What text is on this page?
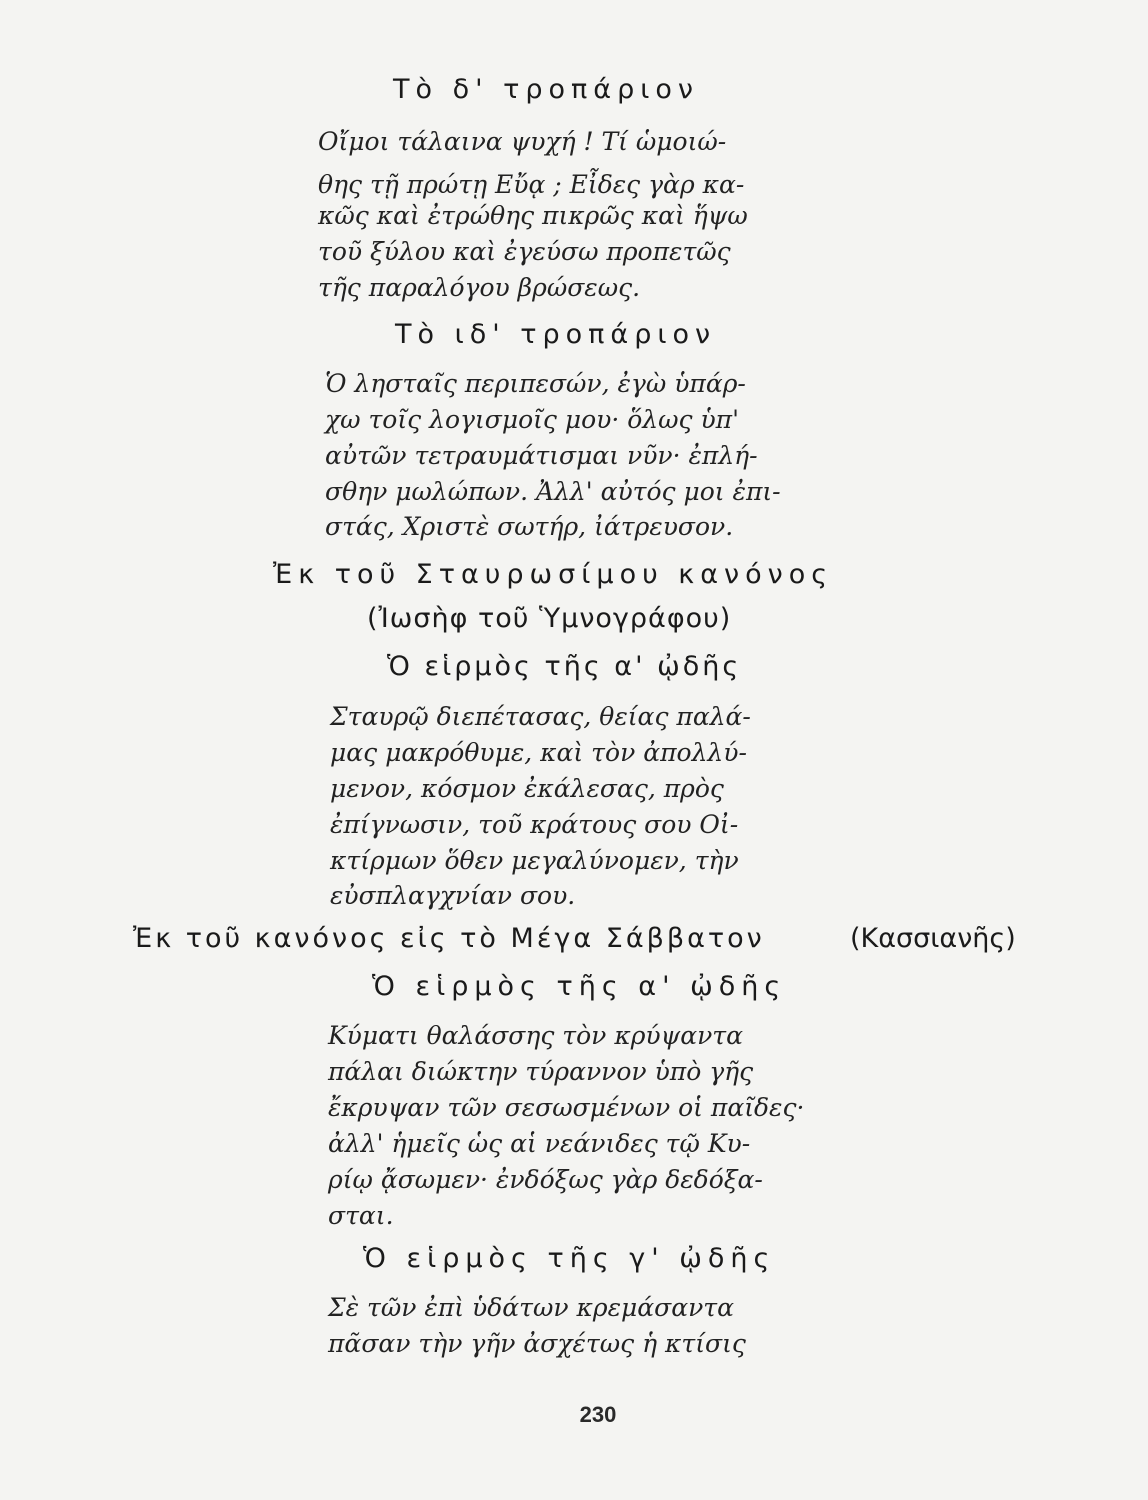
Τὸ δ' τροπάριον
Οἴμοι τάλαινα ψυχή ! Τί ὡμοιώ-
θης τῇ πρώτῃ Εὔᾳ ; Εἶδες γὰρ κα-
κῶς καὶ ἐτρώθης πικρῶς καὶ ἥψω
τοῦ ξύλου καὶ ἐγεύσω προπετῶς
τῆς παραλόγου βρώσεως.
Τὸ ιδ' τροπάριον
Ὁ λησταῖς περιπεσών, ἐγὼ ὑπάρ-
χω τοῖς λογισμοῖς μου· ὅλως ὑπ'
αὐτῶν τετραυμάτισμαι νῦν· ἐπλή-
σθην μωλώπων. Ἀλλ' αὐτός μοι ἐπι-
στάς, Χριστὲ σωτήρ, ἰάτρευσον.
Ἐκ τοῦ Σταυρωσίμου κανόνος
(Ἰωσὴφ τοῦ Ὑμνογράφου)
Ὁ εἱρμὸς τῆς α' ᾠδῆς
Σταυρῷ διεπέτασας, θείας παλά-
μας μακρόθυμε, καὶ τὸν ἀπολλύ-
μενον, κόσμον ἐκάλεσας, πρὸς
ἐπίγνωσιν, τοῦ κράτους σου Οἰ-
κτίρμων ὅθεν μεγαλύνομεν, τὴν
εὐσπλαγχνίαν σου.
Ἐκ τοῦ κανόνος εἰς τὸ Μέγα Σάββατον	(Κασσιανῆς)
Ὁ εἱρμὸς τῆς α' ᾠδῆς
Κύματι θαλάσσης τὸν κρύψαντα
πάλαι διώκτην τύραννον ὑπὸ γῆς
ἔκρυψαν τῶν σεσωσμένων οἱ παῖδες·
ἀλλ' ἡμεῖς ὡς αἱ νεάνιδες τῷ Κυ-
ρίῳ ᾄσωμεν· ἐνδόξως γὰρ δεδόξα-
σται.
Ὁ εἱρμὸς τῆς γ' ᾠδῆς
Σὲ τῶν ἐπὶ ὑδάτων κρεμάσαντα
πᾶσαν τὴν γῆν ἀσχέτως ἡ κτίσις
230
